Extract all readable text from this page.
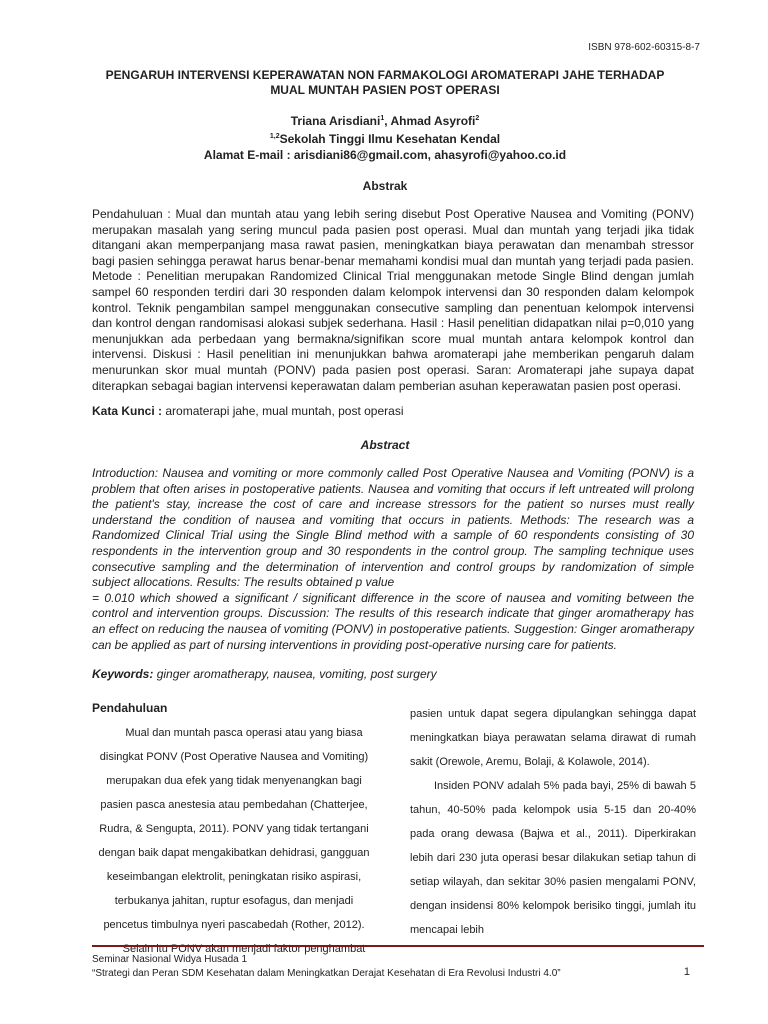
ISBN 978-602-60315-8-7
PENGARUH INTERVENSI KEPERAWATAN NON FARMAKOLOGI AROMATERAPI JAHE TERHADAP MUAL MUNTAH PASIEN POST OPERASI
Triana Arisdiani$^1$, Ahmad Asyrofi$^2$
$^{1,2}$Sekolah Tinggi Ilmu Kesehatan Kendal
Alamat E-mail : arisdiani86@gmail.com, ahasyrofi@yahoo.co.id
Abstrak

Pendahuluan : Mual dan muntah atau yang lebih sering disebut Post Operative Nausea and Vomiting (PONV) merupakan masalah yang sering muncul pada pasien post operasi. Mual dan muntah yang terjadi jika tidak ditangani akan memperpanjang masa rawat pasien, meningkatkan biaya perawatan dan menambah stressor bagi pasien sehingga perawat harus benar-benar memahami kondisi mual dan muntah yang terjadi pada pasien. Metode : Penelitian merupakan Randomized Clinical Trial menggunakan metode Single Blind dengan jumlah sampel 60 responden terdiri dari 30 responden dalam kelompok intervensi dan 30 responden dalam kelompok kontrol. Teknik pengambilan sampel menggunakan consecutive sampling dan penentuan kelompok intervensi dan kontrol dengan randomisasi alokasi subjek sederhana. Hasil : Hasil penelitian didapatkan nilai p=0,010 yang menunjukkan ada perbedaan yang bermakna/signifikan score mual muntah antara kelompok kontrol dan intervensi. Diskusi : Hasil penelitian ini menunjukkan bahwa aromaterapi jahe memberikan pengaruh dalam menurunkan skor mual muntah (PONV) pada pasien post operasi. Saran: Aromaterapi jahe supaya dapat diterapkan sebagai bagian intervensi keperawatan dalam pemberian asuhan keperawatan pasien post operasi.

Kata Kunci : aromaterapi jahe, mual muntah, post operasi
Abstract

Introduction: Nausea and vomiting or more commonly called Post Operative Nausea and Vomiting (PONV) is a problem that often arises in postoperative patients. Nausea and vomiting that occurs if left untreated will prolong the patient's stay, increase the cost of care and increase stressors for the patient so nurses must really understand the condition of nausea and vomiting that occurs in patients. Methods: The research was a Randomized Clinical Trial using the Single Blind method with a sample of 60 respondents consisting of 30 respondents in the intervention group and 30 respondents in the control group. The sampling technique uses consecutive sampling and the determination of intervention and control groups by randomization of simple subject allocations. Results: The results obtained p value

= 0.010 which showed a significant / significant difference in the score of nausea and vomiting between the control and intervention groups. Discussion: The results of this research indicate that ginger aromatherapy has an effect on reducing the nausea of vomiting (PONV) in postoperative patients. Suggestion: Ginger aromatherapy can be applied as part of nursing interventions in providing post-operative nursing care for patients.

Keywords: ginger aromatherapy, nausea, vomiting, post surgery
Pendahuluan

Mual dan muntah pasca operasi atau yang biasa

disingkat PONV (Post Operative Nausea and Vomiting)

merupakan dua efek yang tidak menyenangkan bagi

pasien pasca anestesia atau pembedahan (Chatterjee,

Rudra, & Sengupta, 2011). PONV yang tidak tertangani

dengan baik dapat mengakibatkan dehidrasi, gangguan

keseimbangan elektrolit, peningkatan risiko aspirasi,

terbukanya jahitan, ruptur esofagus, dan menjadi

pencetus timbulnya nyeri pascabedah (Rother, 2012).

Selain itu PONV akan menjadi faktor penghambat

pasien untuk dapat segera dipulangkan sehingga dapat meningkatkan biaya perawatan selama dirawat di rumah sakit (Orewole, Aremu, Bolaji, & Kolawole, 2014).

Insiden PONV adalah 5% pada bayi, 25% di bawah 5 tahun, 40-50% pada kelompok usia 5-15 dan 20-40% pada orang dewasa (Bajwa et al., 2011). Diperkirakan lebih dari 230 juta operasi besar dilakukan setiap tahun di setiap wilayah, dan sekitar 30% pasien mengalami PONV, dengan insidensi 80% kelompok berisiko tinggi, jumlah itu mencapai lebih

Seminar Nasional Widya Husada 1
“Strategi dan Peran SDM Kesehatan dalam Meningkatkan Derajat Kesehatan di Era Revolusi Industri 4.0”	1
